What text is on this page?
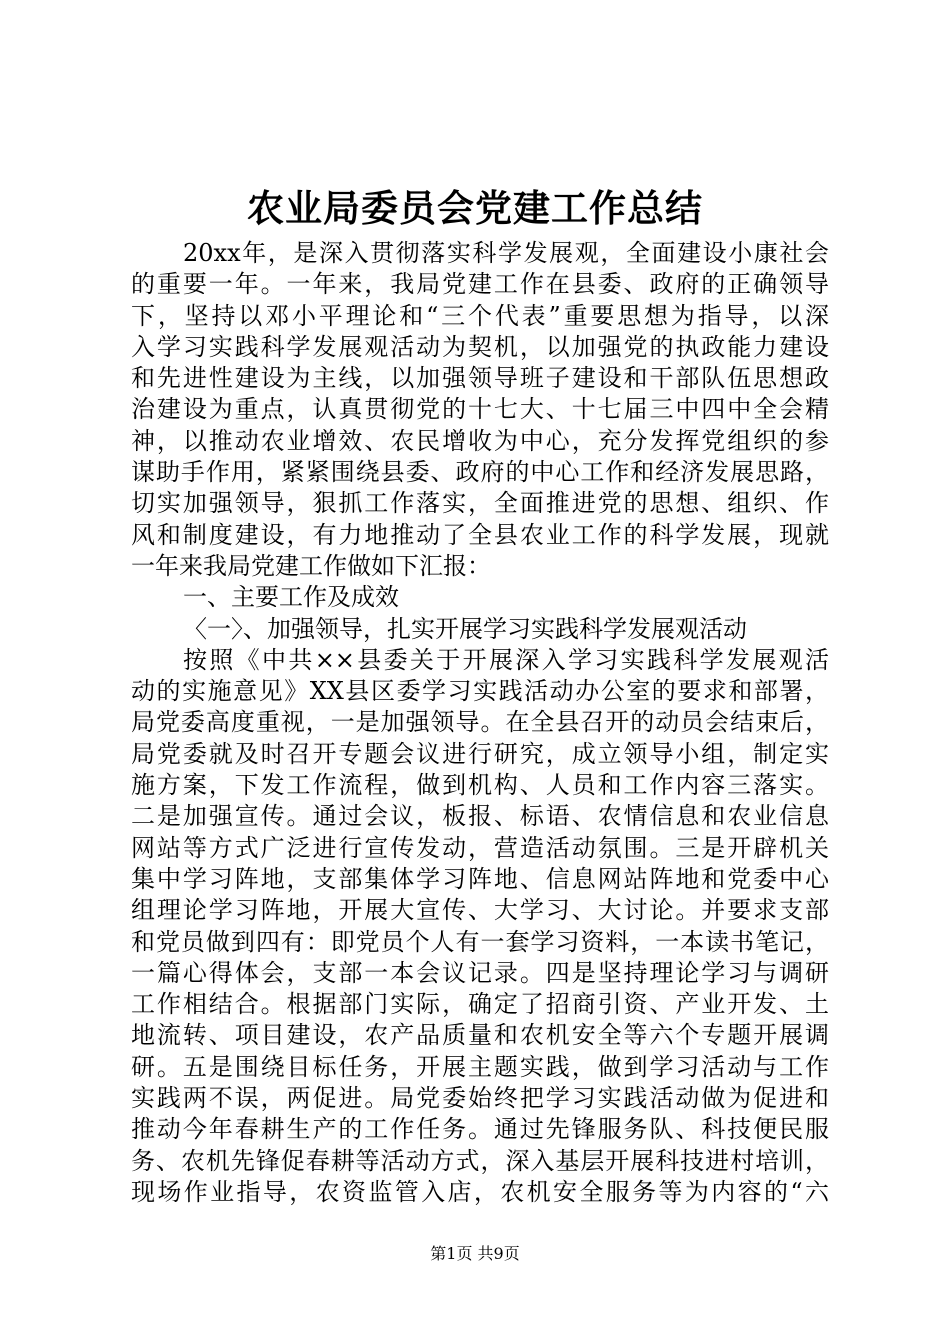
农业局委员会党建工作总结
20xx年，是深入贯彻落实科学发展观，全面建设小康社会
的重要一年。一年来，我局党建工作在县委、政府的正确领导
下，坚持以邓小平理论和“三个代表”重要思想为指导，以深
入学习实践科学发展观活动为契机，以加强党的执政能力建设
和先进性建设为主线，以加强领导班子建设和干部队伍思想政
治建设为重点，认真贯彻党的十七大、十七届三中四中全会精
神，以推动农业增效、农民增收为中心，充分发挥党组织的参
谋助手作用，紧紧围绕县委、政府的中心工作和经济发展思路，
切实加强领导，狠抓工作落实，全面推进党的思想、组织、作
风和制度建设，有力地推动了全县农业工作的科学发展，现就
一年来我局党建工作做如下汇报：
一、主要工作及成效
〈一〉、加强领导，扎实开展学习实践科学发展观活动
按照《中共××县委关于开展深入学习实践科学发展观活
动的实施意见》XX县区委学习实践活动办公室的要求和部署，
局党委高度重视，一是加强领导。在全县召开的动员会结束后，
局党委就及时召开专题会议进行研究，成立领导小组，制定实
施方案，下发工作流程，做到机构、人员和工作内容三落实。
二是加强宣传。通过会议，板报、标语、农情信息和农业信息
网站等方式广泛进行宣传发动，营造活动氛围。三是开辟机关
集中学习阵地，支部集体学习阵地、信息网站阵地和党委中心
组理论学习阵地，开展大宣传、大学习、大讨论。并要求支部
和党员做到四有：即党员个人有一套学习资料，一本读书笔记，
一篇心得体会，支部一本会议记录。四是坚持理论学习与调研
工作相结合。根据部门实际，确定了招商引资、产业开发、土
地流转、项目建设，农产品质量和农机安全等六个专题开展调
研。五是围绕目标任务，开展主题实践，做到学习活动与工作
实践两不误，两促进。局党委始终把学习实践活动做为促进和
推动今年春耕生产的工作任务。通过先锋服务队、科技便民服
务、农机先锋促春耕等活动方式，深入基层开展科技进村培训，
现场作业指导，农资监管入店，农机安全服务等为内容的“六
第1页 共9页
